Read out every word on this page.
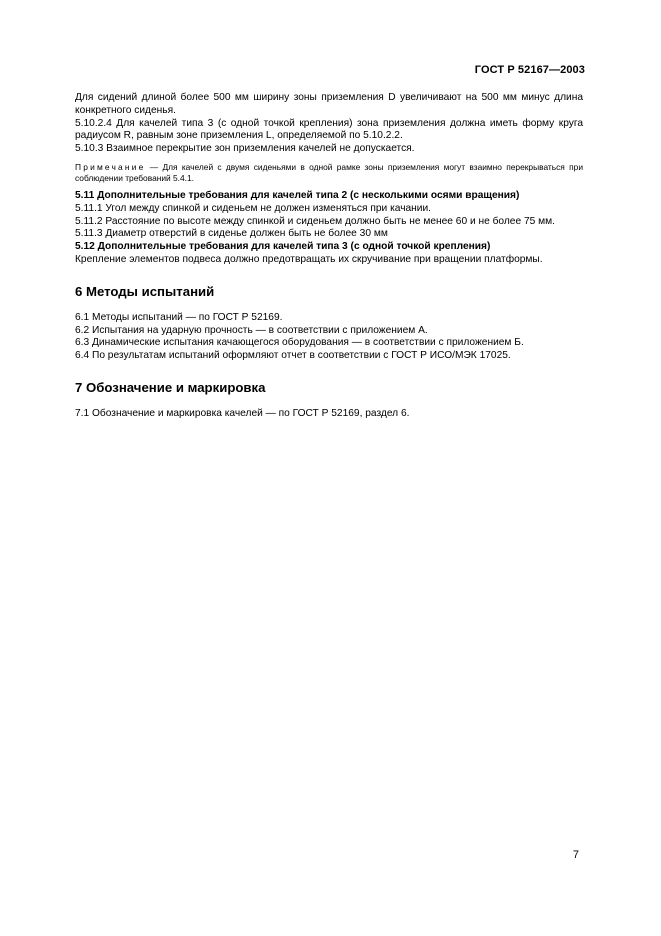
ГОСТ Р 52167—2003

Для сидений длиной более 500 мм ширину зоны приземления D увеличивают на 500 мм минус длина конкретного сиденья.

5.10.2.4 Для качелей типа 3 (с одной точкой крепления) зона приземления должна иметь форму круга радиусом R, равным зоне приземления L, определяемой по 5.10.2.2.

5.10.3 Взаимное перекрытие зон приземления качелей не допускается.

Примечание — Для качелей с двумя сиденьями в одной рамке зоны приземления могут взаимно перекрываться при соблюдении требований 5.4.1.

5.11 Дополнительные требования для качелей типа 2 (с несколькими осями вращения)

5.11.1 Угол между спинкой и сиденьем не должен изменяться при качании.

5.11.2 Расстояние по высоте между спинкой и сиденьем должно быть не менее 60 и не более 75 мм.

5.11.3 Диаметр отверстий в сиденье должен быть не более 30 мм

5.12 Дополнительные требования для качелей типа 3 (с одной точкой крепления)

Крепление элементов подвеса должно предотвращать их скручивание при вращении платформы.

6 Методы испытаний

6.1 Методы испытаний — по ГОСТ Р 52169.

6.2 Испытания на ударную прочность — в соответствии с приложением А.

6.3 Динамические испытания качающегося оборудования — в соответствии с приложением Б.

6.4 По результатам испытаний оформляют отчет в соответствии с ГОСТ Р ИСО/МЭК 17025.

7 Обозначение и маркировка

7.1 Обозначение и маркировка качелей — по ГОСТ Р 52169, раздел 6.

7
